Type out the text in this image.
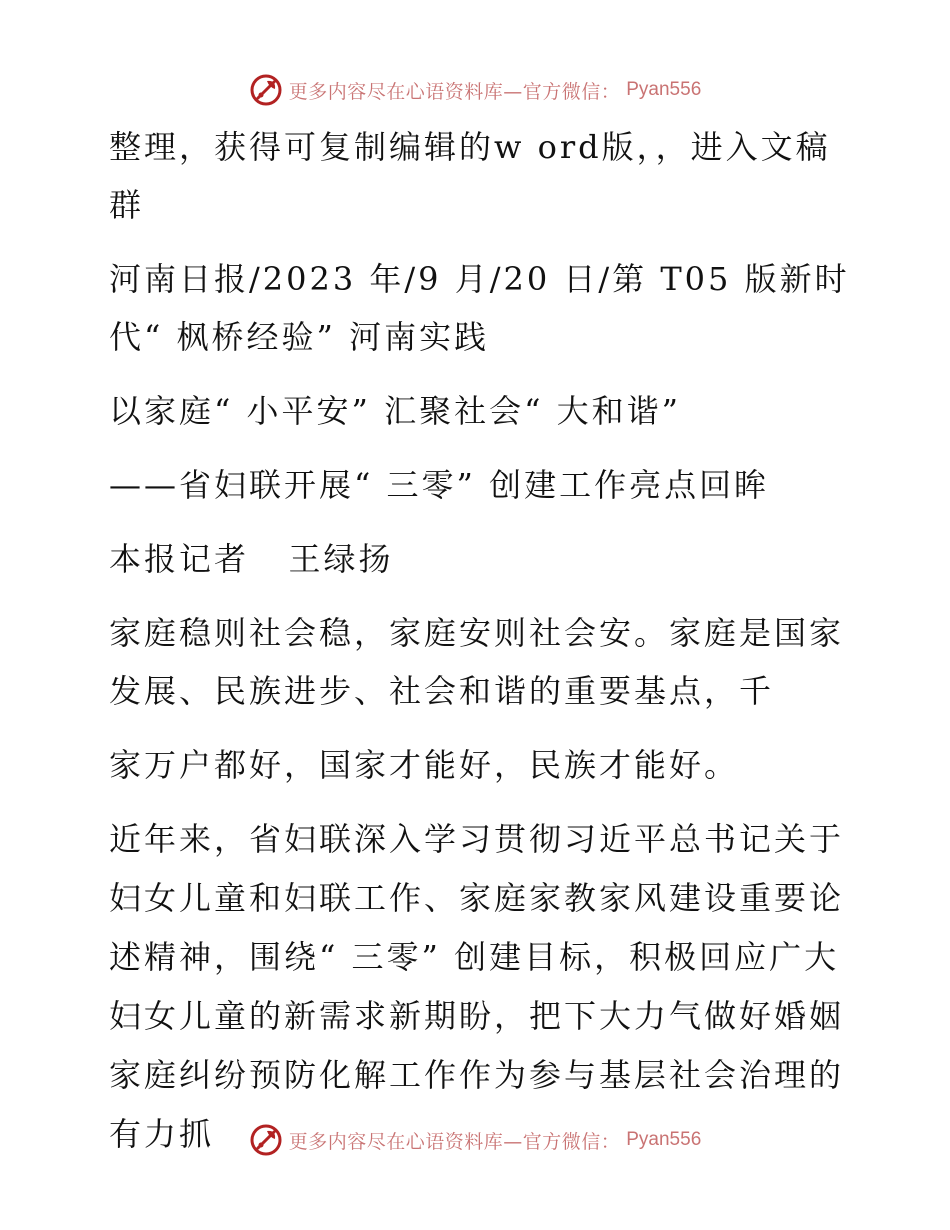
更多内容尽在心语资料库—官方微信： Pyan556

整理，获得可复制编辑的w ord版，，进入文稿群

河南日报/2023 年/9 月/20 日/第 T05 版新时代“ 枫桥经验” 河南实践

以家庭“ 小平安” 汇聚社会“ 大和谐”

——省妇联开展“ 三零” 创建工作亮点回眸

本报记者   王绿扬

家庭稳则社会稳，家庭安则社会安。家庭是国家发展、民族进步、社会和谐的重要基点，千

家万户都好，国家才能好，民族才能好。

近年来，省妇联深入学习贯彻习近平总书记关于妇女儿童和妇联工作、家庭家教家风建设重要论述精神，围绕“ 三零” 创建目标，积极回应广大妇女儿童的新需求新期盼，把下大力气做好婚姻家庭纠纷预防化解工作作为参与基层社会治理的有力抓	更多内容尽在心语资料库—官方微信： Pyan556
